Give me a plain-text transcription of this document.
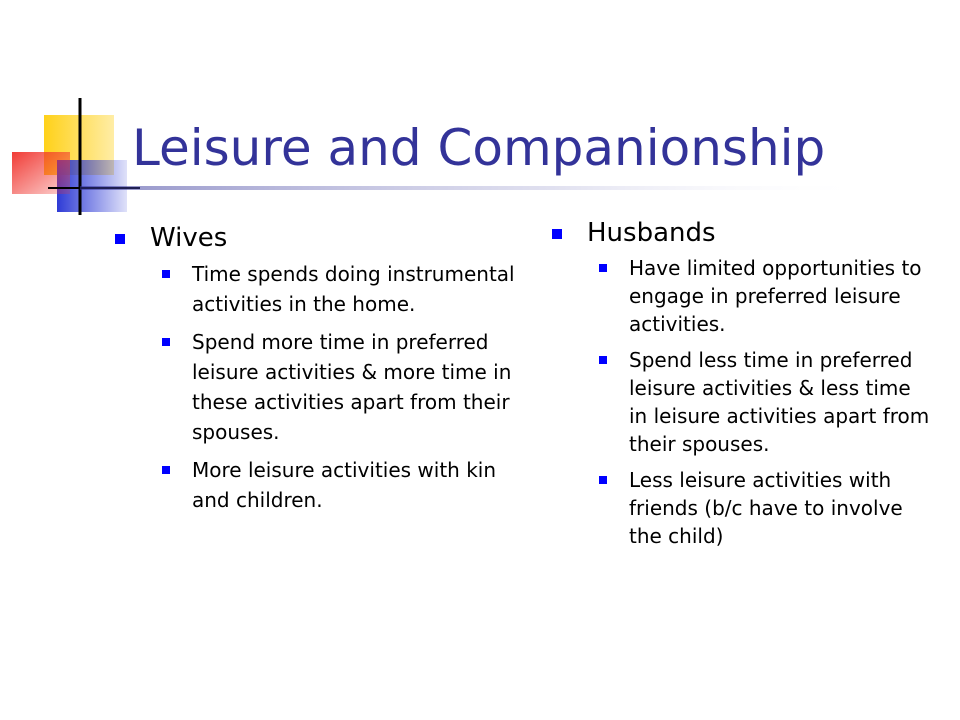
Leisure and Companionship
Wives
Time spends doing instrumental activities in the home.
Spend more time in preferred leisure activities & more time in these activities apart from their spouses.
More leisure activities with kin and children.
Husbands
Have limited opportunities to engage in preferred leisure activities.
Spend less time in preferred leisure activities & less time in leisure activities apart from their spouses.
Less leisure activities with friends (b/c have to involve the child)
